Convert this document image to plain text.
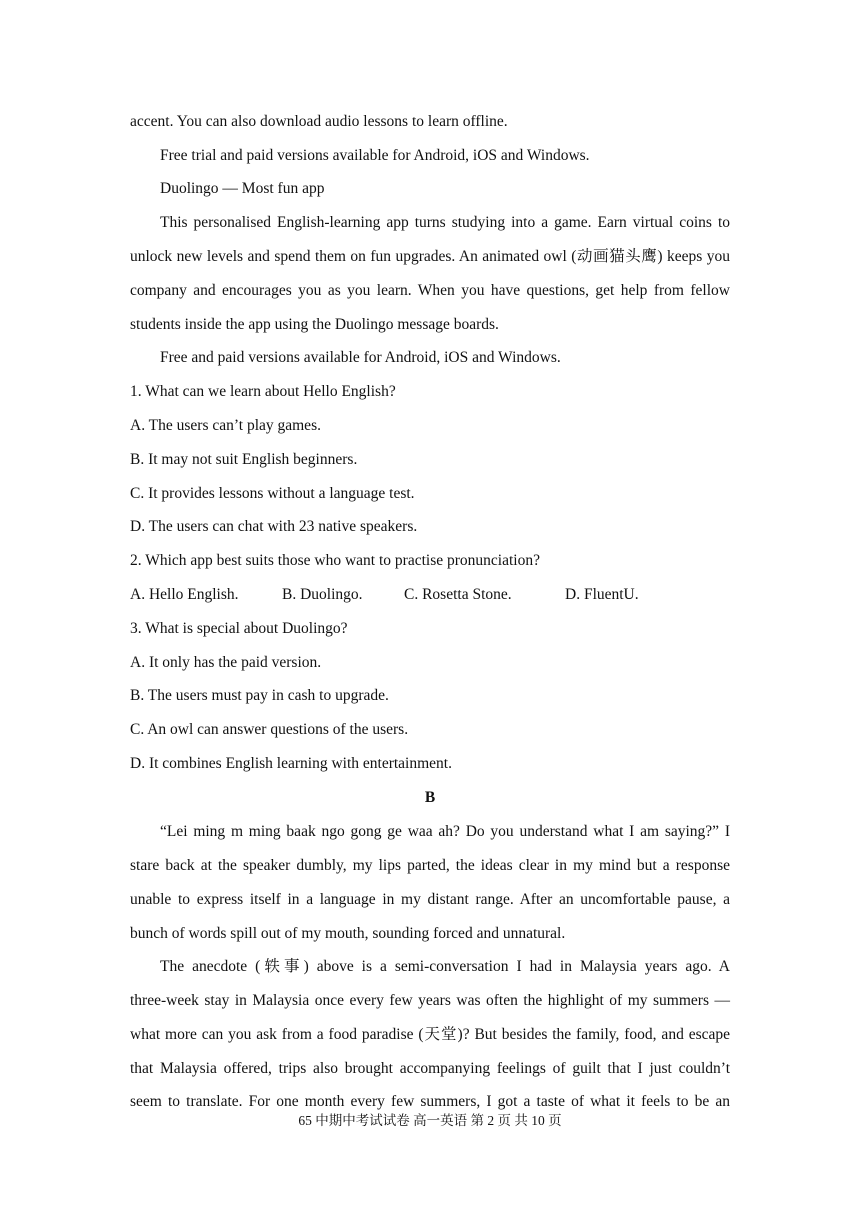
accent. You can also download audio lessons to learn offline.
Free trial and paid versions available for Android, iOS and Windows.
Duolingo — Most fun app
This personalised English-learning app turns studying into a game. Earn virtual coins to
unlock new levels and spend them on fun upgrades. An animated owl (动画猫头鹰) keeps you
company and encourages you as you learn. When you have questions, get help from fellow
students inside the app using the Duolingo message boards.
Free and paid versions available for Android, iOS and Windows.
1. What can we learn about Hello English?
A. The users can’t play games.
B. It may not suit English beginners.
C. It provides lessons without a language test.
D. The users can chat with 23 native speakers.
2. Which app best suits those who want to practise pronunciation?
A. Hello English.	B. Duolingo.	C. Rosetta Stone.	D. FluentU.
3. What is special about Duolingo?
A. It only has the paid version.
B. The users must pay in cash to upgrade.
C. An owl can answer questions of the users.
D. It combines English learning with entertainment.
B
“Lei ming m ming baak ngo gong ge waa ah? Do you understand what I am saying?” I
stare back at the speaker dumbly, my lips parted, the ideas clear in my mind but a response
unable to express itself in a language in my distant range. After an uncomfortable pause, a
bunch of words spill out of my mouth, sounding forced and unnatural.
The anecdote (轶事) above is a semi-conversation I had in Malaysia years ago. A
three-week stay in Malaysia once every few years was often the highlight of my summers —
what more can you ask from a food paradise (天堂)? But besides the family, food, and escape
that Malaysia offered, trips also brought accompanying feelings of guilt that I just couldn’t
seem to translate. For one month every few summers, I got a taste of what it feels to be an
65 中期中考试试卷 高一英语 第 2 页 共 10 页
